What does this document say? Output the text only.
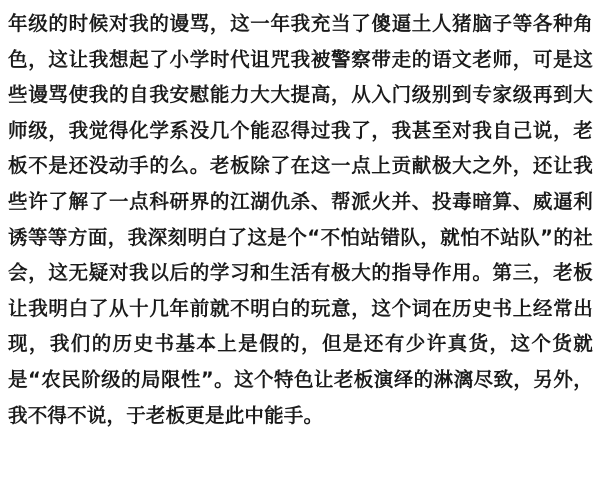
年级的时候对我的谩骂，这一年我充当了傻逼土人猪脑子等各种角色，这让我想起了小学时代诅咒我被警察带走的语文老师，可是这些谩骂使我的自我安慰能力大大提高，从入门级别到专家级再到大师级，我觉得化学系没几个能忍得过我了，我甚至对我自己说，老板不是还没动手的么。老板除了在这一点上贡献极大之外，还让我些许了解了一点科研界的江湖仇杀、帮派火并、投毒暗算、威逼利诱等等方面，我深刻明白了这是个“不怕站错队，就怕不站队”的社会，这无疑对我以后的学习和生活有极大的指导作用。第三，老板让我明白了从十几年前就不明白的玩意，这个词在历史书上经常出现，我们的历史书基本上是假的，但是还有少许真货，这个货就是“农民阶级的局限性”。这个特色让老板演绎的淋漓尽致，另外，我不得不说，于老板更是此中能手。
